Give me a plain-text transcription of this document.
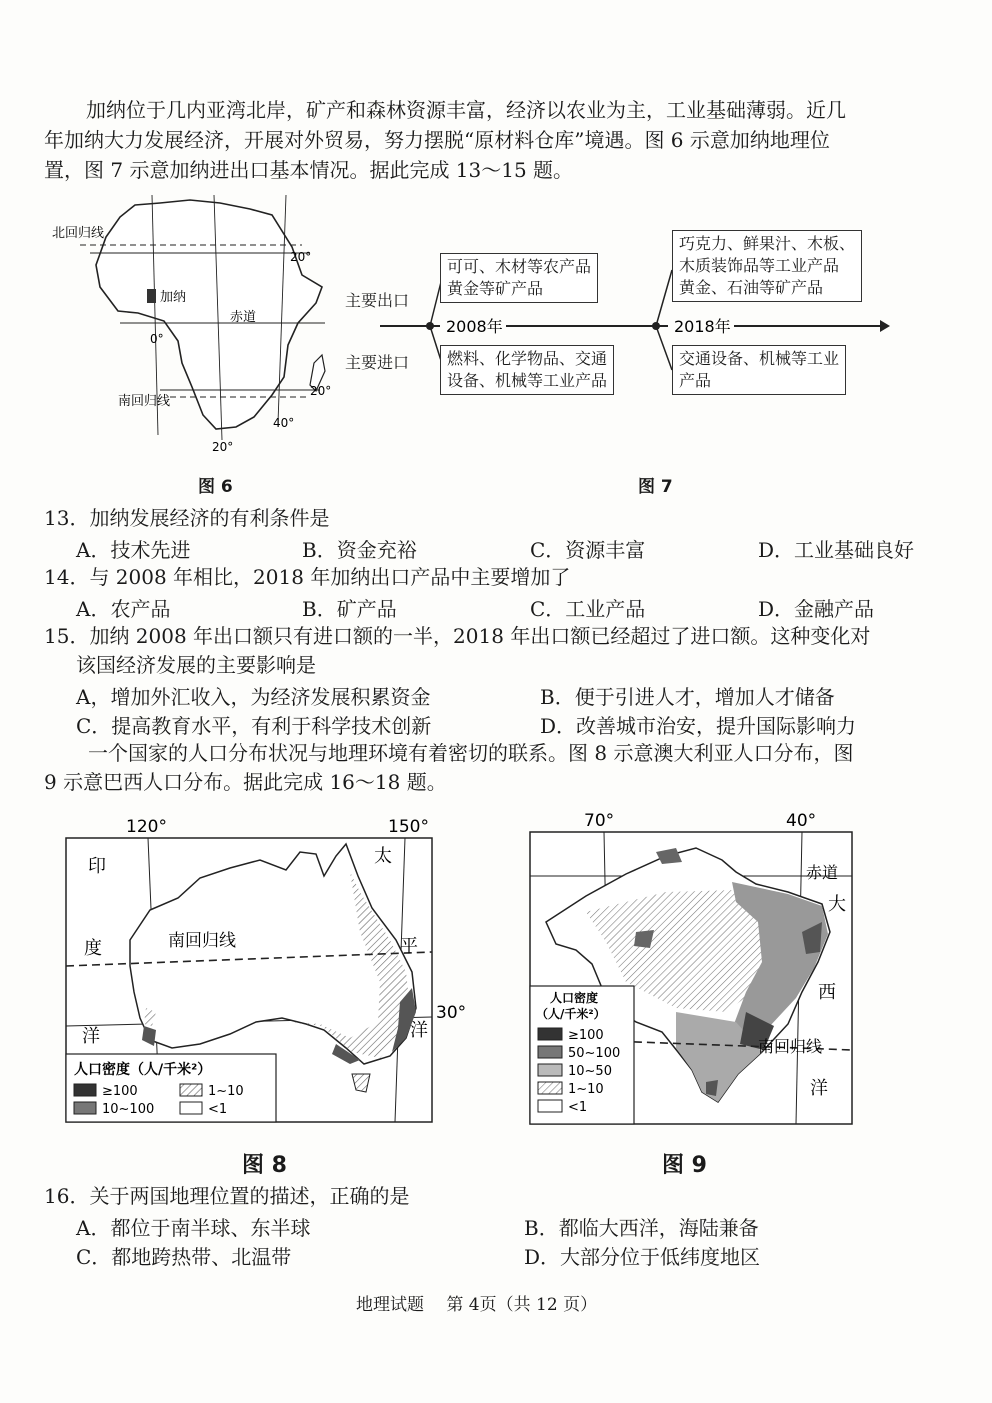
加纳位于几内亚湾北岸，矿产和森林资源丰富，经济以农业为主，工业基础薄弱。近几
年加纳大力发展经济，开展对外贸易，努力摆脱“原材料仓库”境遇。图 6 示意加纳地理位
置，图 7 示意加纳进出口基本情况。据此完成 13～15 题。
北回归线
20°
加纳
赤道
0°
南回归线
20°
40°
20°
图 6
主要出口
主要进口
2008年	2018年
可可、木材等农产品
黄金等矿产品
燃料、化学物品、交通
设备、机械等工业产品
巧克力、鲜果汁、木板、
木质装饰品等工业产品
黄金、石油等矿产品
交通设备、机械等工业
产品
图 7
13．加纳发展经济的有利条件是
A．技术先进	B．资金充裕	C．资源丰富	D．工业基础良好
14．与 2008 年相比，2018 年加纳出口产品中主要增加了
A．农产品	B．矿产品	C．工业产品	D．金融产品
15．加纳 2008 年出口额只有进口额的一半，2018 年出口额已经超过了进口额。这种变化对
该国经济发展的主要影响是
A，增加外汇收入，为经济发展积累资金	B．便于引进人才，增加人才储备
C．提高教育水平，有利于科学技术创新	D．改善城市治安，提升国际影响力
一个国家的人口分布状况与地理环境有着密切的联系。图 8 示意澳大利亚人口分布，图
9 示意巴西人口分布。据此完成 16～18 题。
120°	150°
30°
印
度
洋
太
平
洋
南回归线
人口密度（人/千米²）
≥100	1~10
10~100	<1
图 8
70°	40°
赤道
大
西
洋
南回归线
人口密度
（人/千米²）
≥100
50~100
10~50
1~10
<1
图 9
16．关于两国地理位置的描述，正确的是
A．都位于南半球、东半球	B．都临大西洋，海陆兼备
C．都地跨热带、北温带	D．大部分位于低纬度地区
地理试题　 第 4页（共 12 页）
